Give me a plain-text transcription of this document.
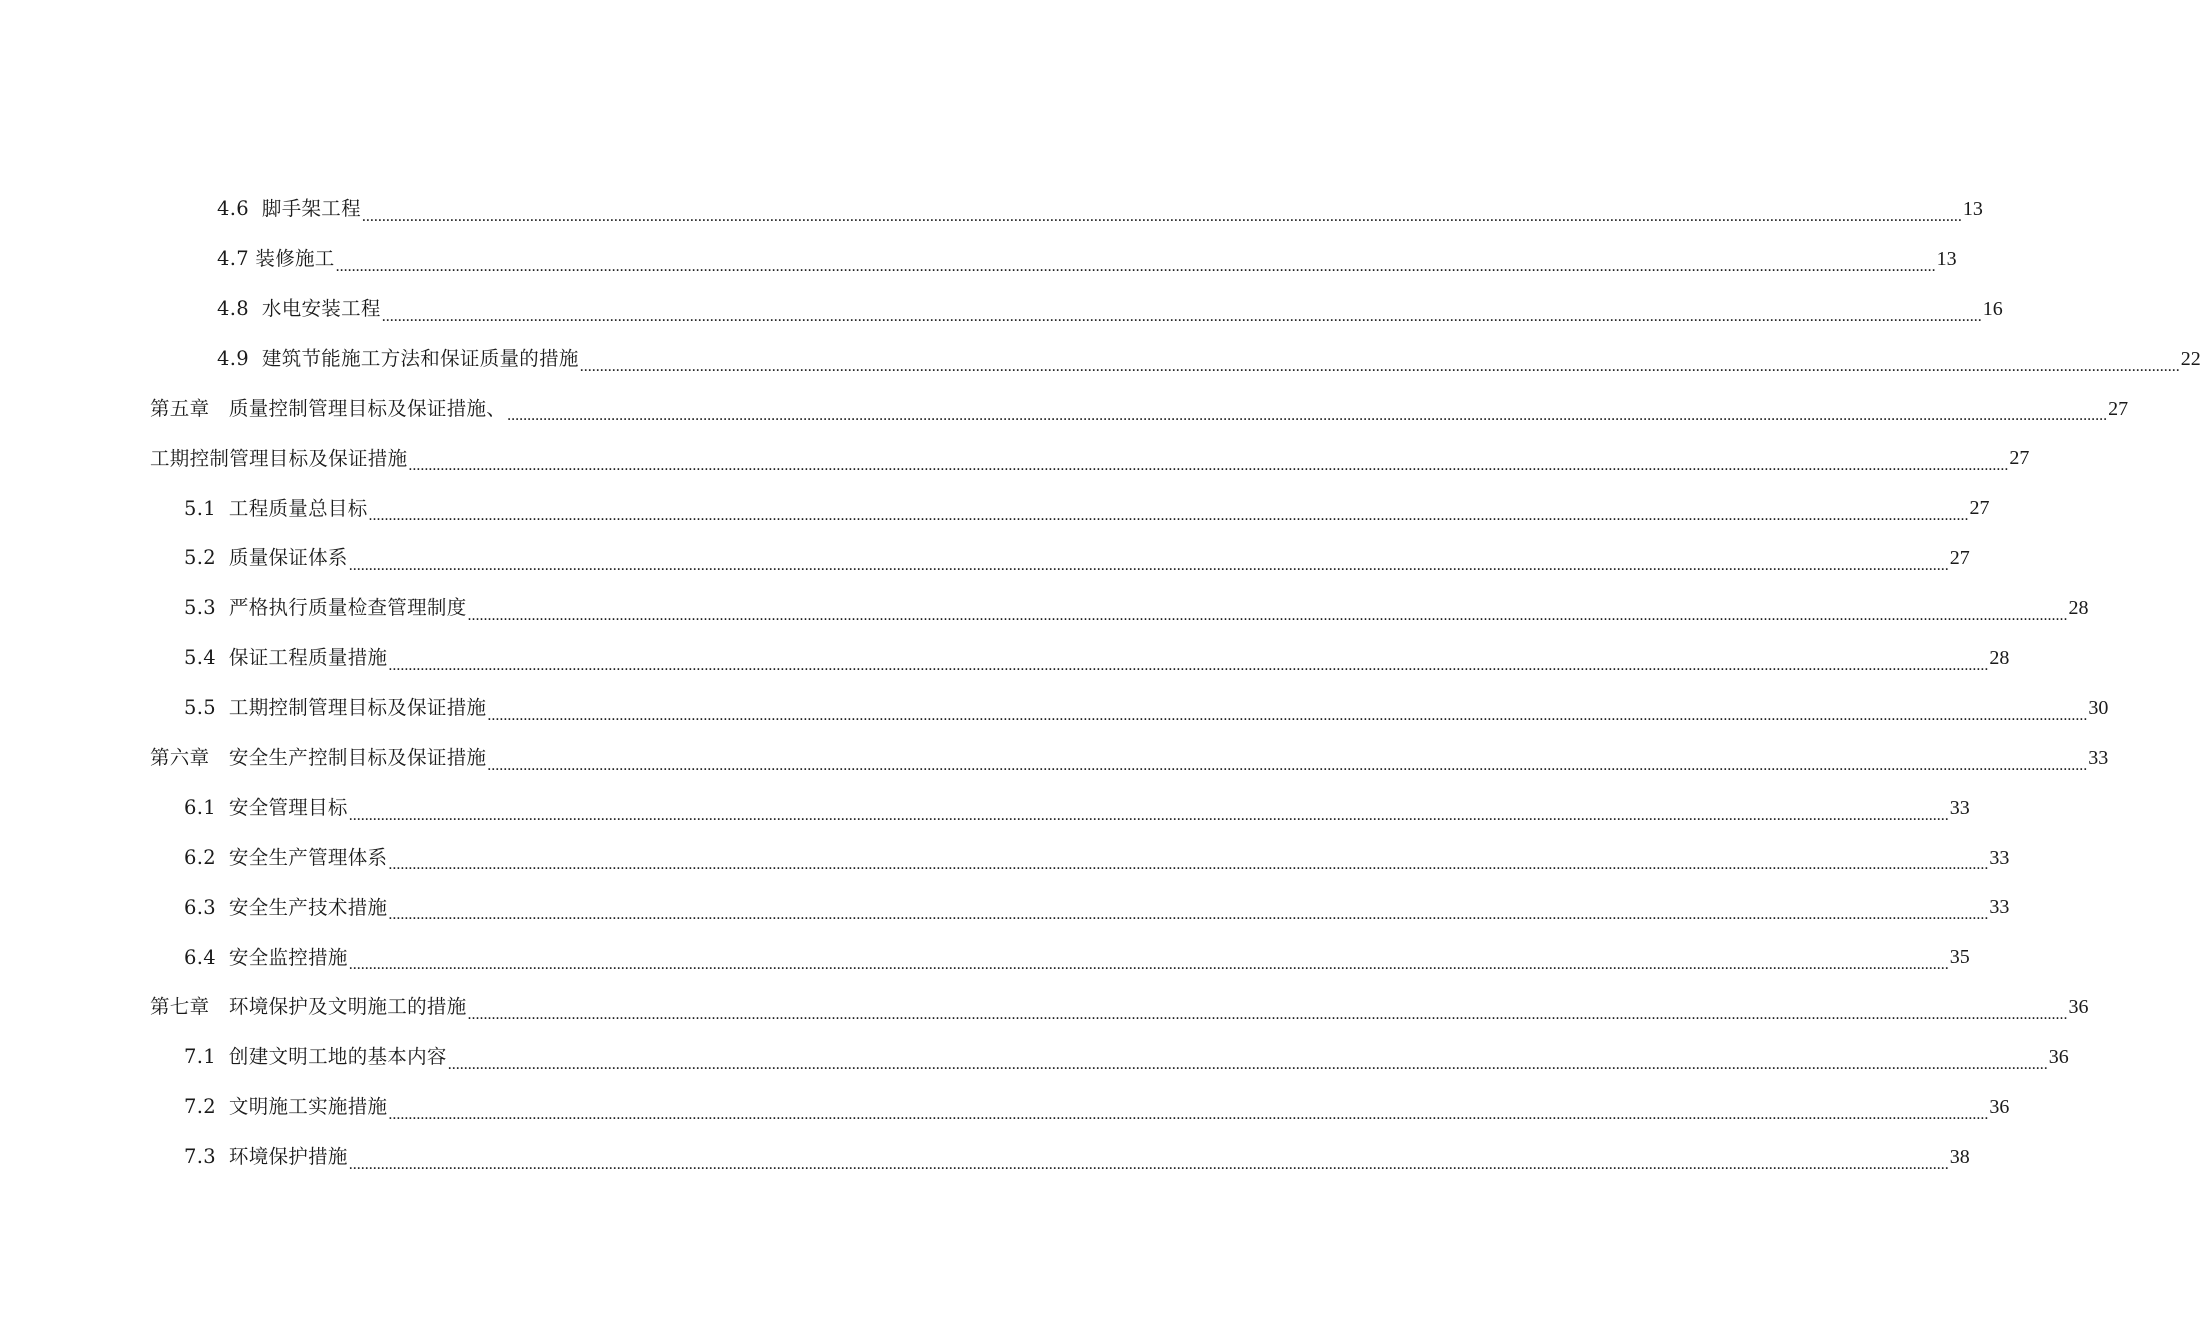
4.6  脚手架工程 ................................................................................................................................................................................................................................................................................................................................................................................................................ 13
4.7 装修施工 ................................................................................................................................................................................................................................................................................................................................................................................................................ 13
4.8  水电安装工程 ................................................................................................................................................................................................................................................................................................................................................................................................................ 16
4.9  建筑节能施工方法和保证质量的措施 ................................................................................................................................................................................................................................................................................................................................................................................................................ 22
第五章   质量控制管理目标及保证措施、 ................................................................................................................................................................................................................................................................................................................................................................................................................ 27
工期控制管理目标及保证措施 ................................................................................................................................................................................................................................................................................................................................................................................................................ 27
5.1  工程质量总目标 ................................................................................................................................................................................................................................................................................................................................................................................................................ 27
5.2  质量保证体系 ................................................................................................................................................................................................................................................................................................................................................................................................................ 27
5.3  严格执行质量检查管理制度 ................................................................................................................................................................................................................................................................................................................................................................................................................ 28
5.4  保证工程质量措施 ................................................................................................................................................................................................................................................................................................................................................................................................................ 28
5.5  工期控制管理目标及保证措施 ................................................................................................................................................................................................................................................................................................................................................................................................................ 30
第六章   安全生产控制目标及保证措施 ................................................................................................................................................................................................................................................................................................................................................................................................................ 33
6.1  安全管理目标 ................................................................................................................................................................................................................................................................................................................................................................................................................ 33
6.2  安全生产管理体系 ................................................................................................................................................................................................................................................................................................................................................................................................................ 33
6.3  安全生产技术措施 ................................................................................................................................................................................................................................................................................................................................................................................................................ 33
6.4  安全监控措施 ................................................................................................................................................................................................................................................................................................................................................................................................................ 35
第七章   环境保护及文明施工的措施 ................................................................................................................................................................................................................................................................................................................................................................................................................ 36
7.1  创建文明工地的基本内容 ................................................................................................................................................................................................................................................................................................................................................................................................................ 36
7.2  文明施工实施措施 ................................................................................................................................................................................................................................................................................................................................................................................................................ 36
7.3  环境保护措施 ................................................................................................................................................................................................................................................................................................................................................................................................................ 38
